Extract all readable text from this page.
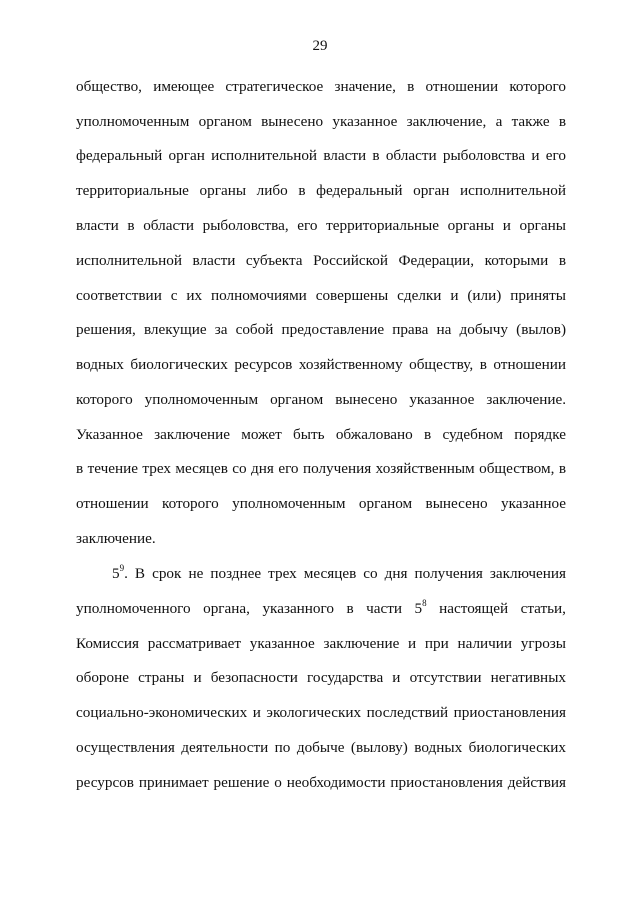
29
общество, имеющее стратегическое значение, в отношении которого
уполномоченным органом вынесено указанное заключение, а также в
федеральный орган исполнительной власти в области рыболовства и его
территориальные органы либо в федеральный орган исполнительной
власти в области рыболовства, его территориальные органы и органы
исполнительной власти субъекта Российской Федерации, которыми в
соответствии с их полномочиями совершены сделки и (или) приняты
решения, влекущие за собой предоставление права на добычу (вылов)
водных биологических ресурсов хозяйственному обществу, в отношении
которого уполномоченным органом вынесено указанное заключение.
Указанное заключение может быть обжаловано в судебном порядке
в течение трех месяцев со дня его получения хозяйственным обществом, в
отношении которого уполномоченным органом вынесено указанное
заключение.
$5^9$. В срок не позднее трех месяцев со дня получения заключения
уполномоченного органа, указанного в части $5^8$ настоящей статьи,
Комиссия рассматривает указанное заключение и при наличии угрозы
обороне страны и безопасности государства и отсутствии негативных
социально-экономических и экологических последствий приостановления
осуществления деятельности по добыче (вылову) водных биологических
ресурсов принимает решение о необходимости приостановления действия
